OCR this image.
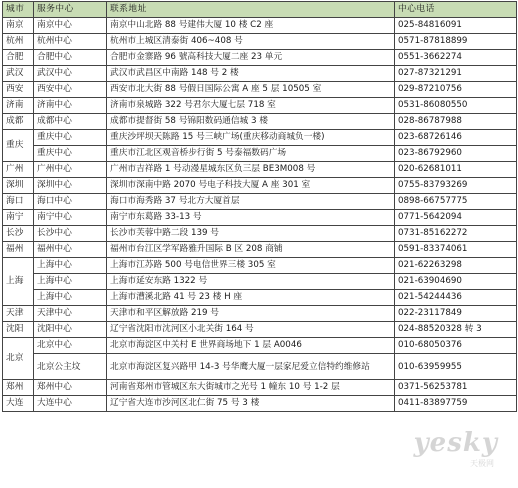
城市	服务中心	联系地址	中心电话
南京	南京中心	南京中山北路 88 号建伟大厦 10 楼 C2 座	025-84816091
杭州	杭州中心	杭州市上城区清泰街 406~408 号	0571-87818899
合肥	合肥中心	合肥市金寨路 96 號高科技大厦二座 23 单元	0551-3662274
武汉	武汉中心	武汉市武昌区中南路 148 号 2 楼	027-87321291
西安	西安中心	西安市北大街 88 号假日国际公寓 A 座 5 层 10505 室	029-87210756
济南	济南中心	济南市泉城路 322 号君尔大厦七层 718 室	0531-86080550
成都	成都中心	成都市提督街 58 号锦阳数码通信城 3 楼	028-86787988
重庆	重庆中心	重庆沙坪坝天陈路 15 号三峡广场(重庆移动商城负一楼)	023-68726146
	重庆中心	重庆市江北区观音桥步行街 5 号泰福数码广场	023-86792960
广州	广州中心	广州市吉祥路 1 号动漫星城东区负三层 BE3M008 号	020-62681011
深圳	深圳中心	深圳市深南中路 2070 号电子科技大厦 A 座 301 室	0755-83793269
海口	海口中心	海口市海秀路 37 号北方大厦首层	0898-66757775
南宁	南宁中心	南宁市东葛路 33-13 号	0771-5642094
长沙	长沙中心	长沙市芙蓉中路二段 139 号	0731-85162272
福州	福州中心	福州市台江区学军路雅升国际 B 区 208 商铺	0591-83374061
上海	上海中心	上海市江苏路 500 号电信世界三楼 305 室	021-62263298
	上海中心	上海市延安东路 1322 号	021-63904690
	上海中心	上海市漕溪北路 41 号 23 楼 H 座	021-54244436
天津	天津中心	天津市和平区解放路 219 号	022-23117849
沈阳	沈阳中心	辽宁省沈阳市沈河区小北关街 164 号	024-88520328 转 3
北京	北京中心	北京市海淀区中关村 E 世界商场地下 1 层 A0046	010-68050376
	北京公主坟	北京市海淀区复兴路甲 14-3 号华鹰大厦一层家尼爱立信特约维修站	010-63959955
郑州	郑州中心	河南省郑州市管城区东大街城市之光号 1 幢东 10 号 1-2 层	0371-56253781
大连	大连中心	辽宁省大连市沙河区北仁街 75 号 3 楼	0411-83897759
yesky
天极网
